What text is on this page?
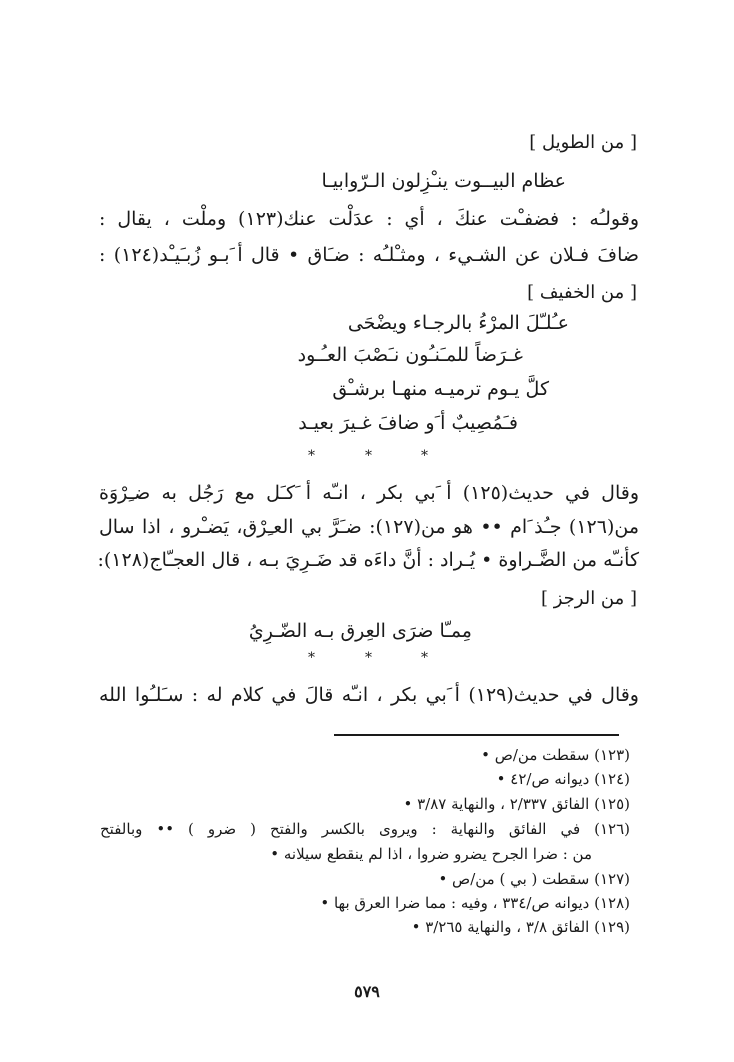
[ من الطويل ]
عظام البيــوت ينـْزِلون الـرّوابيـا
وقولـُه : فضفـْت عنكَ ، أي : عدَلْت عنك(١٢٣) وملْت ، يقال :
ضافَ فـلان عن الشـيء ، ومثـْلـُه : ضـَاق • قال أ َبـو زُبـَيـْد(١٢٤) :
[ من الخفيف ]
عـُلـّلَ المرْءُ بالرجـاء ويضْحَى
غـرَضاً للمـَنـُون نـَصْبَ العـُـود
كلَّ يـوم ترميـه منهـا برشـْق
فـَمُصِيبٌ أ َو ضافَ غـيرَ بعيـد
*	*	*
وقال في حديث(١٢٥) أ َبي بكر ، انـّه أ َكـَل مع رَجُل به ضـِرْوَة
من(١٢٦) جـُذ َام •• هو من(١٢٧): ضـَرَّ بي العـِرْق، يَضـْرو ، اذا سال
كأنـّه من الضَّـراوة • يُـراد : أنَّ داءَه قد ضَـرِيَ بـه ، قال العجـّاج(١٢٨):
[ من الرجز ]
مِمـّا ضرَى العِرق بـه الضّـرِيُ
*	*	*
وقال في حديث(١٢٩) أ َبي بكر ، انـّه قالَ في كلام له : سـَلـُوا الله
(١٢٣) سقطت من/ص •
(١٢٤) ديوانه ص/٤٢ •
(١٢٥) الفائق ٢/٣٣٧ ، والنهاية ٣/٨٧ •
(١٢٦) في الفائق والنهاية : ويروى بالكسر والفتح ( ضرو ) •• وبالفتح
من : ضرا الجرح يضرو ضروا ، اذا لم ينقطع سيلانه •
(١٢٧) سقطت ( بي ) من/ص •
(١٢٨) ديوانه ص/٣٣٤ ، وفيه : مما ضرا العرق بها •
(١٢٩) الفائق ٣/٨ ، والنهاية ٣/٢٦٥ •
٥٧٩
